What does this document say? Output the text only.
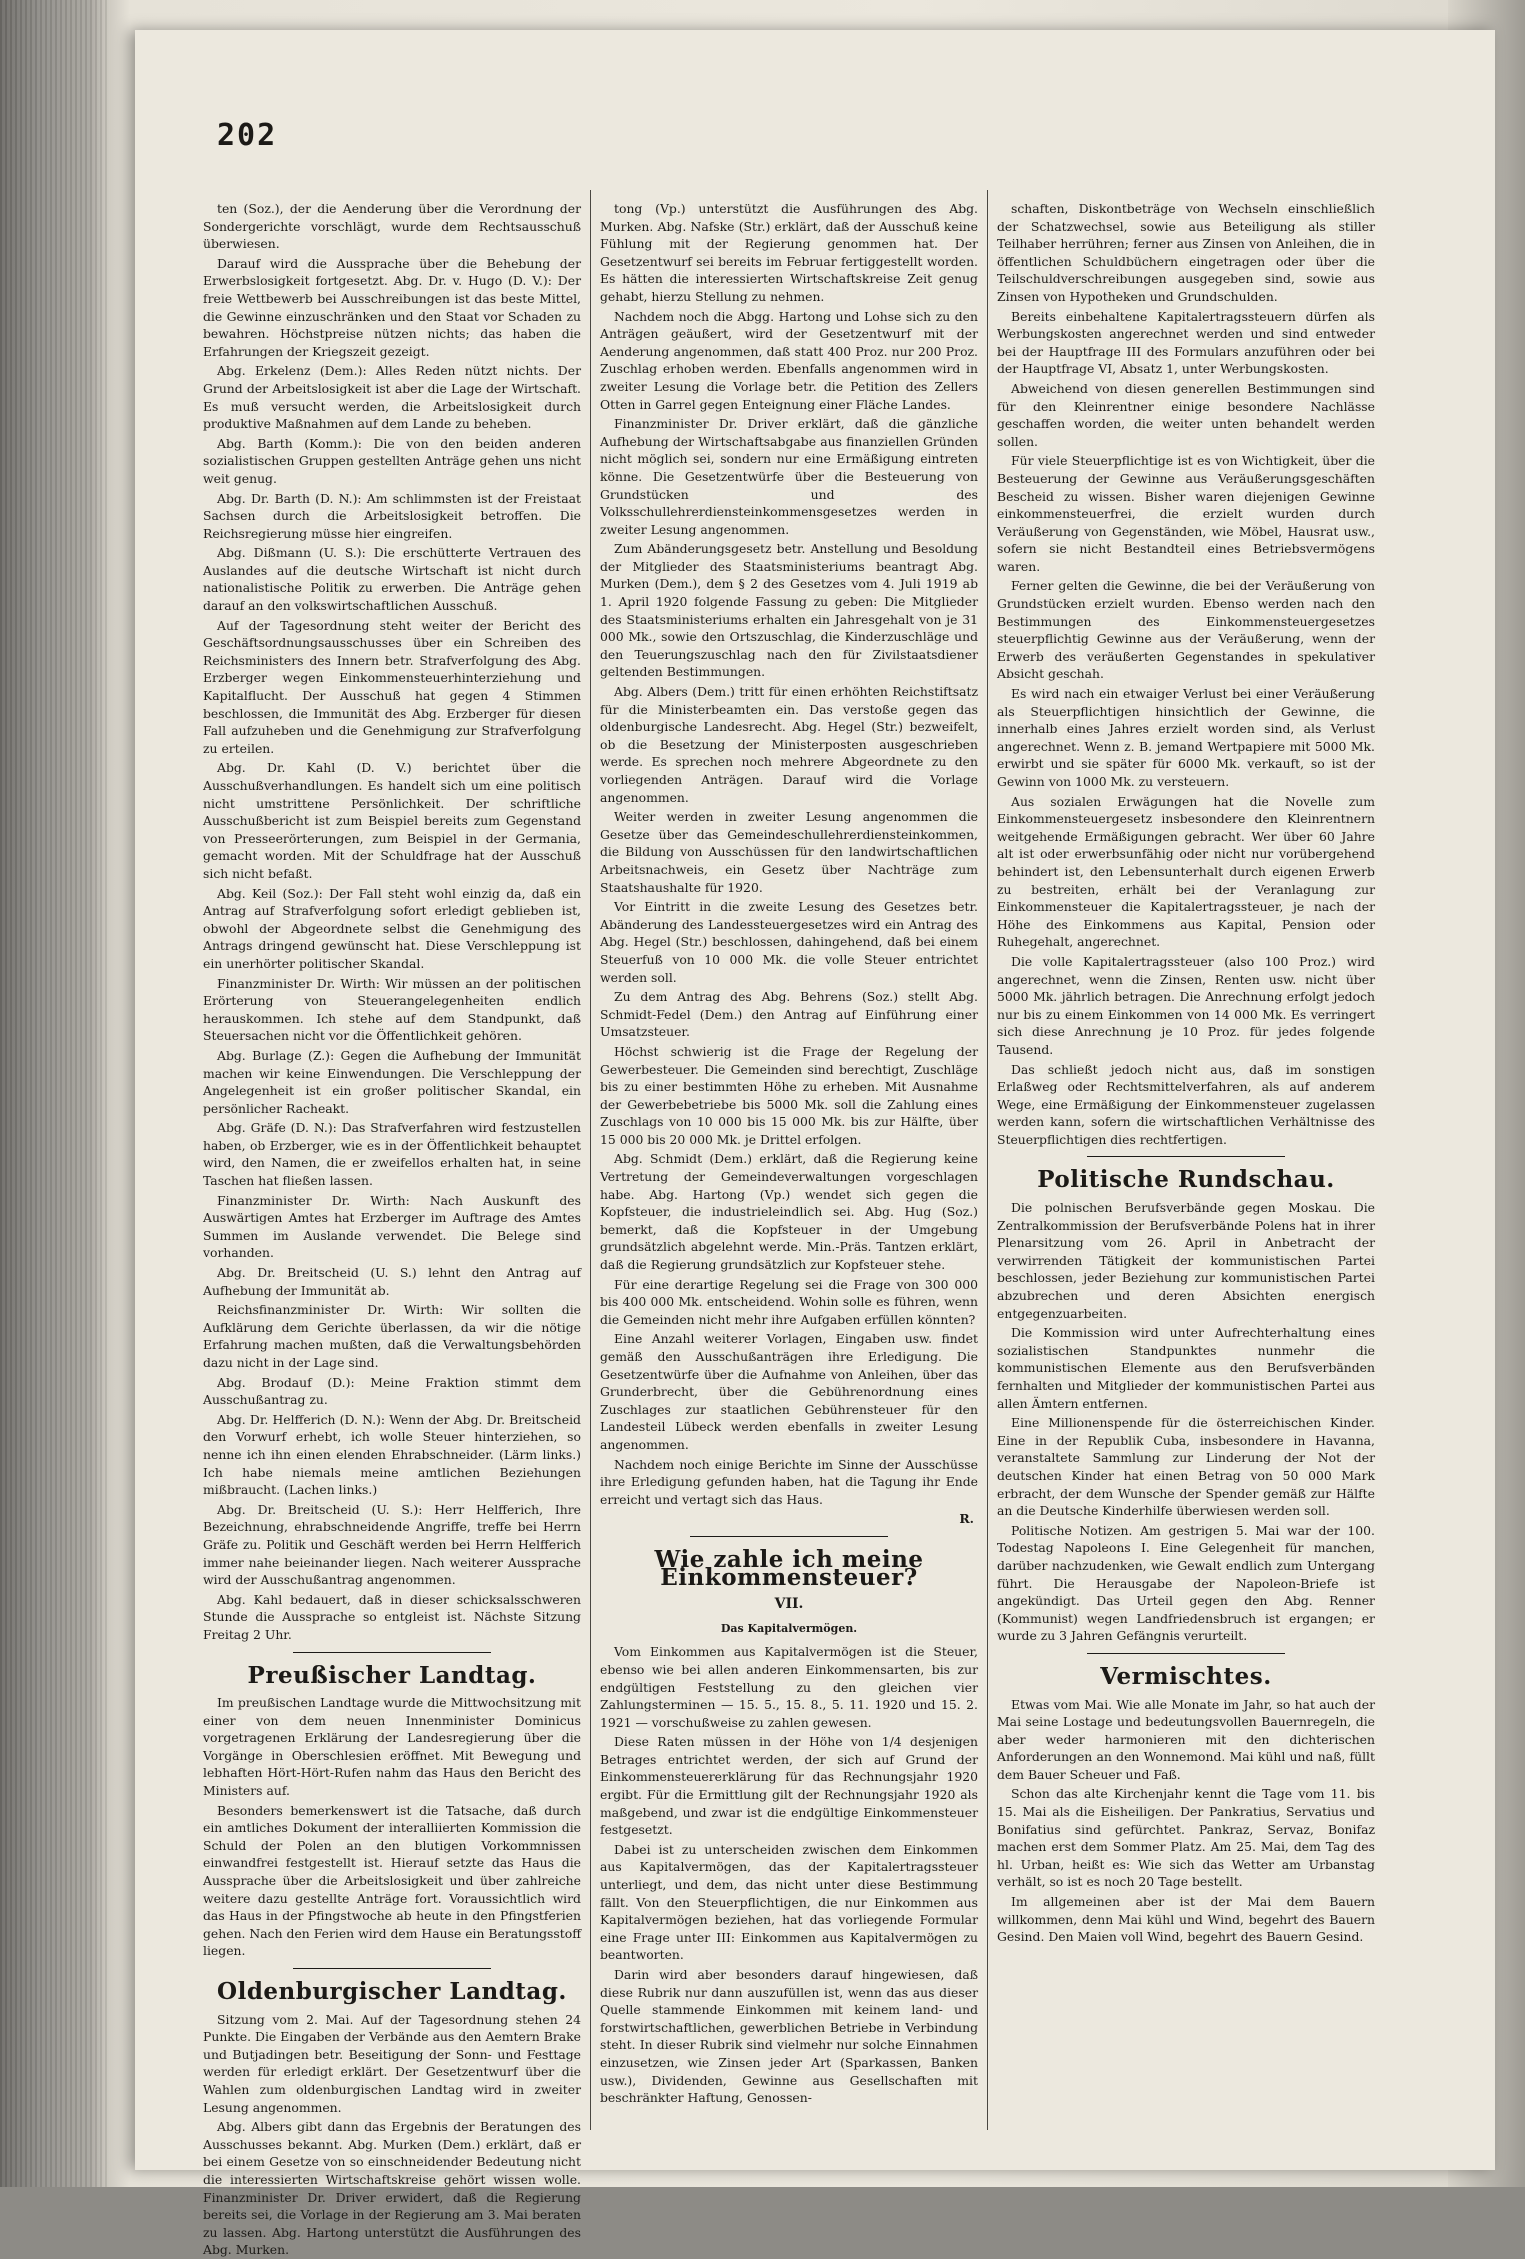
202

ten (Soz.), der die Aenderung über die Verordnung der Sondergerichte vorschlägt, wurde dem Rechtsausschuß überwiesen.

Darauf wird die Aussprache über die Behebung der Erwerbslosigkeit fortgesetzt. Abg. Dr. v. Hugo (D. V.): Der freie Wettbewerb bei Ausschreibungen ist das beste Mittel, die Gewinne einzuschränken und den Staat vor Schaden zu bewahren. Höchstpreise nützen nichts; das haben die Erfahrungen der Kriegszeit gezeigt.

Abg. Erkelenz (Dem.): Alles Reden nützt nichts. Der Grund der Arbeitslosigkeit ist aber die Lage der Wirtschaft. Es muß versucht werden, die Arbeitslosigkeit durch produktive Maßnahmen auf dem Lande zu beheben.

Abg. Barth (Komm.): Die von den beiden anderen sozialistischen Gruppen gestellten Anträge gehen uns nicht weit genug.

Abg. Dr. Barth (D. N.): Am schlimmsten ist der Freistaat Sachsen durch die Arbeitslosigkeit betroffen. Die Reichsregierung müsse hier eingreifen.

Abg. Dißmann (U. S.): Die erschütterte Vertrauen des Auslandes auf die deutsche Wirtschaft ist nicht durch nationalistische Politik zu erwerben. Die Anträge gehen darauf an den volkswirtschaftlichen Ausschuß.

Auf der Tagesordnung steht weiter der Bericht des Geschäftsordnungsausschusses über ein Schreiben des Reichsministers des Innern betr. Strafverfolgung des Abg. Erzberger wegen Einkommensteuerhinterziehung und Kapitalflucht. Der Ausschuß hat gegen 4 Stimmen beschlossen, die Immunität des Abg. Erzberger für diesen Fall aufzuheben und die Genehmigung zur Strafverfolgung zu erteilen.

Abg. Dr. Kahl (D. V.) berichtet über die Ausschußverhandlungen. Es handelt sich um eine politisch nicht umstrittene Persönlichkeit. Der schriftliche Ausschußbericht ist zum Beispiel bereits zum Gegenstand von Presseerörterungen, zum Beispiel in der Germania, gemacht worden. Mit der Schuldfrage hat der Ausschuß sich nicht befaßt.

Abg. Keil (Soz.): Der Fall steht wohl einzig da, daß ein Antrag auf Strafverfolgung sofort erledigt geblieben ist, obwohl der Abgeordnete selbst die Genehmigung des Antrags dringend gewünscht hat. Diese Verschleppung ist ein unerhörter politischer Skandal.

Finanzminister Dr. Wirth: Wir müssen an der politischen Erörterung von Steuerangelegenheiten endlich herauskommen. Ich stehe auf dem Standpunkt, daß Steuersachen nicht vor die Öffentlichkeit gehören.

Abg. Burlage (Z.): Gegen die Aufhebung der Immunität machen wir keine Einwendungen. Die Verschleppung der Angelegenheit ist ein großer politischer Skandal, ein persönlicher Racheakt.

Abg. Gräfe (D. N.): Das Strafverfahren wird festzustellen haben, ob Erzberger, wie es in der Öffentlichkeit behauptet wird, den Namen, die er zweifellos erhalten hat, in seine Taschen hat fließen lassen.

Finanzminister Dr. Wirth: Nach Auskunft des Auswärtigen Amtes hat Erzberger im Auftrage des Amtes Summen im Auslande verwendet. Die Belege sind vorhanden.

Abg. Dr. Breitscheid (U. S.) lehnt den Antrag auf Aufhebung der Immunität ab.

Reichsfinanzminister Dr. Wirth: Wir sollten die Aufklärung dem Gerichte überlassen, da wir die nötige Erfahrung machen mußten, daß die Verwaltungsbehörden dazu nicht in der Lage sind.

Abg. Brodauf (D.): Meine Fraktion stimmt dem Ausschußantrag zu.

Abg. Dr. Helfferich (D. N.): Wenn der Abg. Dr. Breitscheid den Vorwurf erhebt, ich wolle Steuer hinterziehen, so nenne ich ihn einen elenden Ehrabschneider. (Lärm links.) Ich habe niemals meine amtlichen Beziehungen mißbraucht. (Lachen links.)

Abg. Dr. Breitscheid (U. S.): Herr Helfferich, Ihre Bezeichnung, ehrabschneidende Angriffe, treffe bei Herrn Gräfe zu. Politik und Geschäft werden bei Herrn Helfferich immer nahe beieinander liegen. Nach weiterer Aussprache wird der Ausschußantrag angenommen.

Abg. Kahl bedauert, daß in dieser schicksalsschweren Stunde die Aussprache so entgleist ist. Nächste Sitzung Freitag 2 Uhr.

Preußischer Landtag.

Im preußischen Landtage wurde die Mittwochsitzung mit einer von dem neuen Innenminister Dominicus vorgetragenen Erklärung der Landesregierung über die Vorgänge in Oberschlesien eröffnet. Mit Bewegung und lebhaften Hört-Hört-Rufen nahm das Haus den Bericht des Ministers auf.

Besonders bemerkenswert ist die Tatsache, daß durch ein amtliches Dokument der interalliierten Kommission die Schuld der Polen an den blutigen Vorkommnissen einwandfrei festgestellt ist. Hierauf setzte das Haus die Aussprache über die Arbeitslosigkeit und über zahlreiche weitere dazu gestellte Anträge fort. Voraussichtlich wird das Haus in der Pfingstwoche ab heute in den Pfingstferien gehen. Nach den Ferien wird dem Hause ein Beratungsstoff liegen.

Oldenburgischer Landtag.

Sitzung vom 2. Mai. Auf der Tagesordnung stehen 24 Punkte. Die Eingaben der Verbände aus den Aemtern Brake und Butjadingen betr. Beseitigung der Sonn- und Festtage werden für erledigt erklärt. Der Gesetzentwurf über die Wahlen zum oldenburgischen Landtag wird in zweiter Lesung angenommen.

Abg. Albers gibt dann das Ergebnis der Beratungen des Ausschusses bekannt. Abg. Murken (Dem.) erklärt, daß er bei einem Gesetze von so einschneidender Bedeutung nicht die interessierten Wirtschaftskreise gehört wissen wolle. Finanzminister Dr. Driver erwidert, daß die Regierung bereits sei, die Vorlage in der Regierung am 3. Mai beraten zu lassen. Abg. Hartong unterstützt die Ausführungen des Abg. Murken.

tong (Vp.) unterstützt die Ausführungen des Abg. Murken. Abg. Nafske (Str.) erklärt, daß der Ausschuß keine Fühlung mit der Regierung genommen hat. Der Gesetzentwurf sei bereits im Februar fertiggestellt worden. Es hätten die interessierten Wirtschaftskreise Zeit genug gehabt, hierzu Stellung zu nehmen.

Nachdem noch die Abgg. Hartong und Lohse sich zu den Anträgen geäußert, wird der Gesetzentwurf mit der Aenderung angenommen, daß statt 400 Proz. nur 200 Proz. Zuschlag erhoben werden. Ebenfalls angenommen wird in zweiter Lesung die Vorlage betr. die Petition des Zellers Otten in Garrel gegen Enteignung einer Fläche Landes.

Finanzminister Dr. Driver erklärt, daß die gänzliche Aufhebung der Wirtschaftsabgabe aus finanziellen Gründen nicht möglich sei, sondern nur eine Ermäßigung eintreten könne. Die Gesetzentwürfe über die Besteuerung von Grundstücken und des Volksschullehrerdiensteinkommensgesetzes werden in zweiter Lesung angenommen.

Zum Abänderungsgesetz betr. Anstellung und Besoldung der Mitglieder des Staatsministeriums beantragt Abg. Murken (Dem.), dem § 2 des Gesetzes vom 4. Juli 1919 ab 1. April 1920 folgende Fassung zu geben: Die Mitglieder des Staatsministeriums erhalten ein Jahresgehalt von je 31 000 Mk., sowie den Ortszuschlag, die Kinderzuschläge und den Teuerungszuschlag nach den für Zivilstaatsdiener geltenden Bestimmungen.

Abg. Albers (Dem.) tritt für einen erhöhten Reichstiftsatz für die Ministerbeamten ein. Das verstoße gegen das oldenburgische Landesrecht. Abg. Hegel (Str.) bezweifelt, ob die Besetzung der Ministerposten ausgeschrieben werde. Es sprechen noch mehrere Abgeordnete zu den vorliegenden Anträgen. Darauf wird die Vorlage angenommen.

Weiter werden in zweiter Lesung angenommen die Gesetze über das Gemeindeschullehrerdiensteinkommen, die Bildung von Ausschüssen für den landwirtschaftlichen Arbeitsnachweis, ein Gesetz über Nachträge zum Staatshaushalte für 1920.

Vor Eintritt in die zweite Lesung des Gesetzes betr. Abänderung des Landessteuergesetzes wird ein Antrag des Abg. Hegel (Str.) beschlossen, dahingehend, daß bei einem Steuerfuß von 10 000 Mk. die volle Steuer entrichtet werden soll.

Zu dem Antrag des Abg. Behrens (Soz.) stellt Abg. Schmidt-Fedel (Dem.) den Antrag auf Einführung einer Umsatzsteuer.

Höchst schwierig ist die Frage der Regelung der Gewerbesteuer. Die Gemeinden sind berechtigt, Zuschläge bis zu einer bestimmten Höhe zu erheben. Mit Ausnahme der Gewerbebetriebe bis 5000 Mk. soll die Zahlung eines Zuschlags von 10 000 bis 15 000 Mk. bis zur Hälfte, über 15 000 bis 20 000 Mk. je Drittel erfolgen.

Abg. Schmidt (Dem.) erklärt, daß die Regierung keine Vertretung der Gemeindeverwaltungen vorgeschlagen habe. Abg. Hartong (Vp.) wendet sich gegen die Kopfsteuer, die industrieleindlich sei. Abg. Hug (Soz.) bemerkt, daß die Kopfsteuer in der Umgebung grundsätzlich abgelehnt werde. Min.-Präs. Tantzen erklärt, daß die Regierung grundsätzlich zur Kopfsteuer stehe.

Für eine derartige Regelung sei die Frage von 300 000 bis 400 000 Mk. entscheidend. Wohin solle es führen, wenn die Gemeinden nicht mehr ihre Aufgaben erfüllen könnten?

Eine Anzahl weiterer Vorlagen, Eingaben usw. findet gemäß den Ausschußanträgen ihre Erledigung. Die Gesetzentwürfe über die Aufnahme von Anleihen, über das Grunderbrecht, über die Gebührenordnung eines Zuschlages zur staatlichen Gebührensteuer für den Landesteil Lübeck werden ebenfalls in zweiter Lesung angenommen.

Nachdem noch einige Berichte im Sinne der Ausschüsse ihre Erledigung gefunden haben, hat die Tagung ihr Ende erreicht und vertagt sich das Haus.

R.
Wie zahle ich meine Einkommensteuer?
VII.
Das Kapitalvermögen.

Vom Einkommen aus Kapitalvermögen ist die Steuer, ebenso wie bei allen anderen Einkommensarten, bis zur endgültigen Feststellung zu den gleichen vier Zahlungsterminen — 15. 5., 15. 8., 5. 11. 1920 und 15. 2. 1921 — vorschußweise zu zahlen gewesen.

Diese Raten müssen in der Höhe von 1/4 desjenigen Betrages entrichtet werden, der sich auf Grund der Einkommensteuererklärung für das Rechnungsjahr 1920 ergibt. Für die Ermittlung gilt der Rechnungsjahr 1920 als maßgebend, und zwar ist die endgültige Einkommensteuer festgesetzt.

Dabei ist zu unterscheiden zwischen dem Einkommen aus Kapitalvermögen, das der Kapitalertragssteuer unterliegt, und dem, das nicht unter diese Bestimmung fällt. Von den Steuerpflichtigen, die nur Einkommen aus Kapitalvermögen beziehen, hat das vorliegende Formular eine Frage unter III: Einkommen aus Kapitalvermögen zu beantworten.

Darin wird aber besonders darauf hingewiesen, daß diese Rubrik nur dann auszufüllen ist, wenn das aus dieser Quelle stammende Einkommen mit keinem land- und forstwirtschaftlichen, gewerblichen Betriebe in Verbindung steht. In dieser Rubrik sind vielmehr nur solche Einnahmen einzusetzen, wie Zinsen jeder Art (Sparkassen, Banken usw.), Dividenden, Gewinne aus Gesellschaften mit beschränkter Haftung, Genossen-

schaften, Diskontbeträge von Wechseln einschließlich der Schatzwechsel, sowie aus Beteiligung als stiller Teilhaber herrühren; ferner aus Zinsen von Anleihen, die in öffentlichen Schuldbüchern eingetragen oder über die Teilschuldverschreibungen ausgegeben sind, sowie aus Zinsen von Hypotheken und Grundschulden.

Bereits einbehaltene Kapitalertragssteuern dürfen als Werbungskosten angerechnet werden und sind entweder bei der Hauptfrage III des Formulars anzuführen oder bei der Hauptfrage VI, Absatz 1, unter Werbungskosten.

Abweichend von diesen generellen Bestimmungen sind für den Kleinrentner einige besondere Nachlässe geschaffen worden, die weiter unten behandelt werden sollen.

Für viele Steuerpflichtige ist es von Wichtigkeit, über die Besteuerung der Gewinne aus Veräußerungsgeschäften Bescheid zu wissen. Bisher waren diejenigen Gewinne einkommensteuerfrei, die erzielt wurden durch Veräußerung von Gegenständen, wie Möbel, Hausrat usw., sofern sie nicht Bestandteil eines Betriebsvermögens waren.

Ferner gelten die Gewinne, die bei der Veräußerung von Grundstücken erzielt wurden. Ebenso werden nach den Bestimmungen des Einkommensteuergesetzes steuerpflichtig Gewinne aus der Veräußerung, wenn der Erwerb des veräußerten Gegenstandes in spekulativer Absicht geschah.

Es wird nach ein etwaiger Verlust bei einer Veräußerung als Steuerpflichtigen hinsichtlich der Gewinne, die innerhalb eines Jahres erzielt worden sind, als Verlust angerechnet. Wenn z. B. jemand Wertpapiere mit 5000 Mk. erwirbt und sie später für 6000 Mk. verkauft, so ist der Gewinn von 1000 Mk. zu versteuern.

Aus sozialen Erwägungen hat die Novelle zum Einkommensteuergesetz insbesondere den Kleinrentnern weitgehende Ermäßigungen gebracht. Wer über 60 Jahre alt ist oder erwerbsunfähig oder nicht nur vorübergehend behindert ist, den Lebensunterhalt durch eigenen Erwerb zu bestreiten, erhält bei der Veranlagung zur Einkommensteuer die Kapitalertragssteuer, je nach der Höhe des Einkommens aus Kapital, Pension oder Ruhegehalt, angerechnet.

Die volle Kapitalertragssteuer (also 100 Proz.) wird angerechnet, wenn die Zinsen, Renten usw. nicht über 5000 Mk. jährlich betragen. Die Anrechnung erfolgt jedoch nur bis zu einem Einkommen von 14 000 Mk. Es verringert sich diese Anrechnung je 10 Proz. für jedes folgende Tausend.

Das schließt jedoch nicht aus, daß im sonstigen Erlaßweg oder Rechtsmittelverfahren, als auf anderem Wege, eine Ermäßigung der Einkommensteuer zugelassen werden kann, sofern die wirtschaftlichen Verhältnisse des Steuerpflichtigen dies rechtfertigen.

Politische Rundschau.

Die polnischen Berufsverbände gegen Moskau. Die Zentralkommission der Berufsverbände Polens hat in ihrer Plenarsitzung vom 26. April in Anbetracht der verwirrenden Tätigkeit der kommunistischen Partei beschlossen, jeder Beziehung zur kommunistischen Partei abzubrechen und deren Absichten energisch entgegenzuarbeiten.

Die Kommission wird unter Aufrechterhaltung eines sozialistischen Standpunktes nunmehr die kommunistischen Elemente aus den Berufsverbänden fernhalten und Mitglieder der kommunistischen Partei aus allen Ämtern entfernen.

Eine Millionenspende für die österreichischen Kinder. Eine in der Republik Cuba, insbesondere in Havanna, veranstaltete Sammlung zur Linderung der Not der deutschen Kinder hat einen Betrag von 50 000 Mark erbracht, der dem Wunsche der Spender gemäß zur Hälfte an die Deutsche Kinderhilfe überwiesen werden soll.

Politische Notizen. Am gestrigen 5. Mai war der 100. Todestag Napoleons I. Eine Gelegenheit für manchen, darüber nachzudenken, wie Gewalt endlich zum Untergang führt. Die Herausgabe der Napoleon-Briefe ist angekündigt. Das Urteil gegen den Abg. Renner (Kommunist) wegen Landfriedensbruch ist ergangen; er wurde zu 3 Jahren Gefängnis verurteilt.

Vermischtes.

Etwas vom Mai. Wie alle Monate im Jahr, so hat auch der Mai seine Lostage und bedeutungsvollen Bauernregeln, die aber weder harmonieren mit den dichterischen Anforderungen an den Wonnemond. Mai kühl und naß, füllt dem Bauer Scheuer und Faß.

Schon das alte Kirchenjahr kennt die Tage vom 11. bis 15. Mai als die Eisheiligen. Der Pankratius, Servatius und Bonifatius sind gefürchtet. Pankraz, Servaz, Bonifaz machen erst dem Sommer Platz. Am 25. Mai, dem Tag des hl. Urban, heißt es: Wie sich das Wetter am Urbanstag verhält, so ist es noch 20 Tage bestellt.

Im allgemeinen aber ist der Mai dem Bauern willkommen, denn Mai kühl und Wind, begehrt des Bauern Gesind. Den Maien voll Wind, begehrt des Bauern Gesind.
